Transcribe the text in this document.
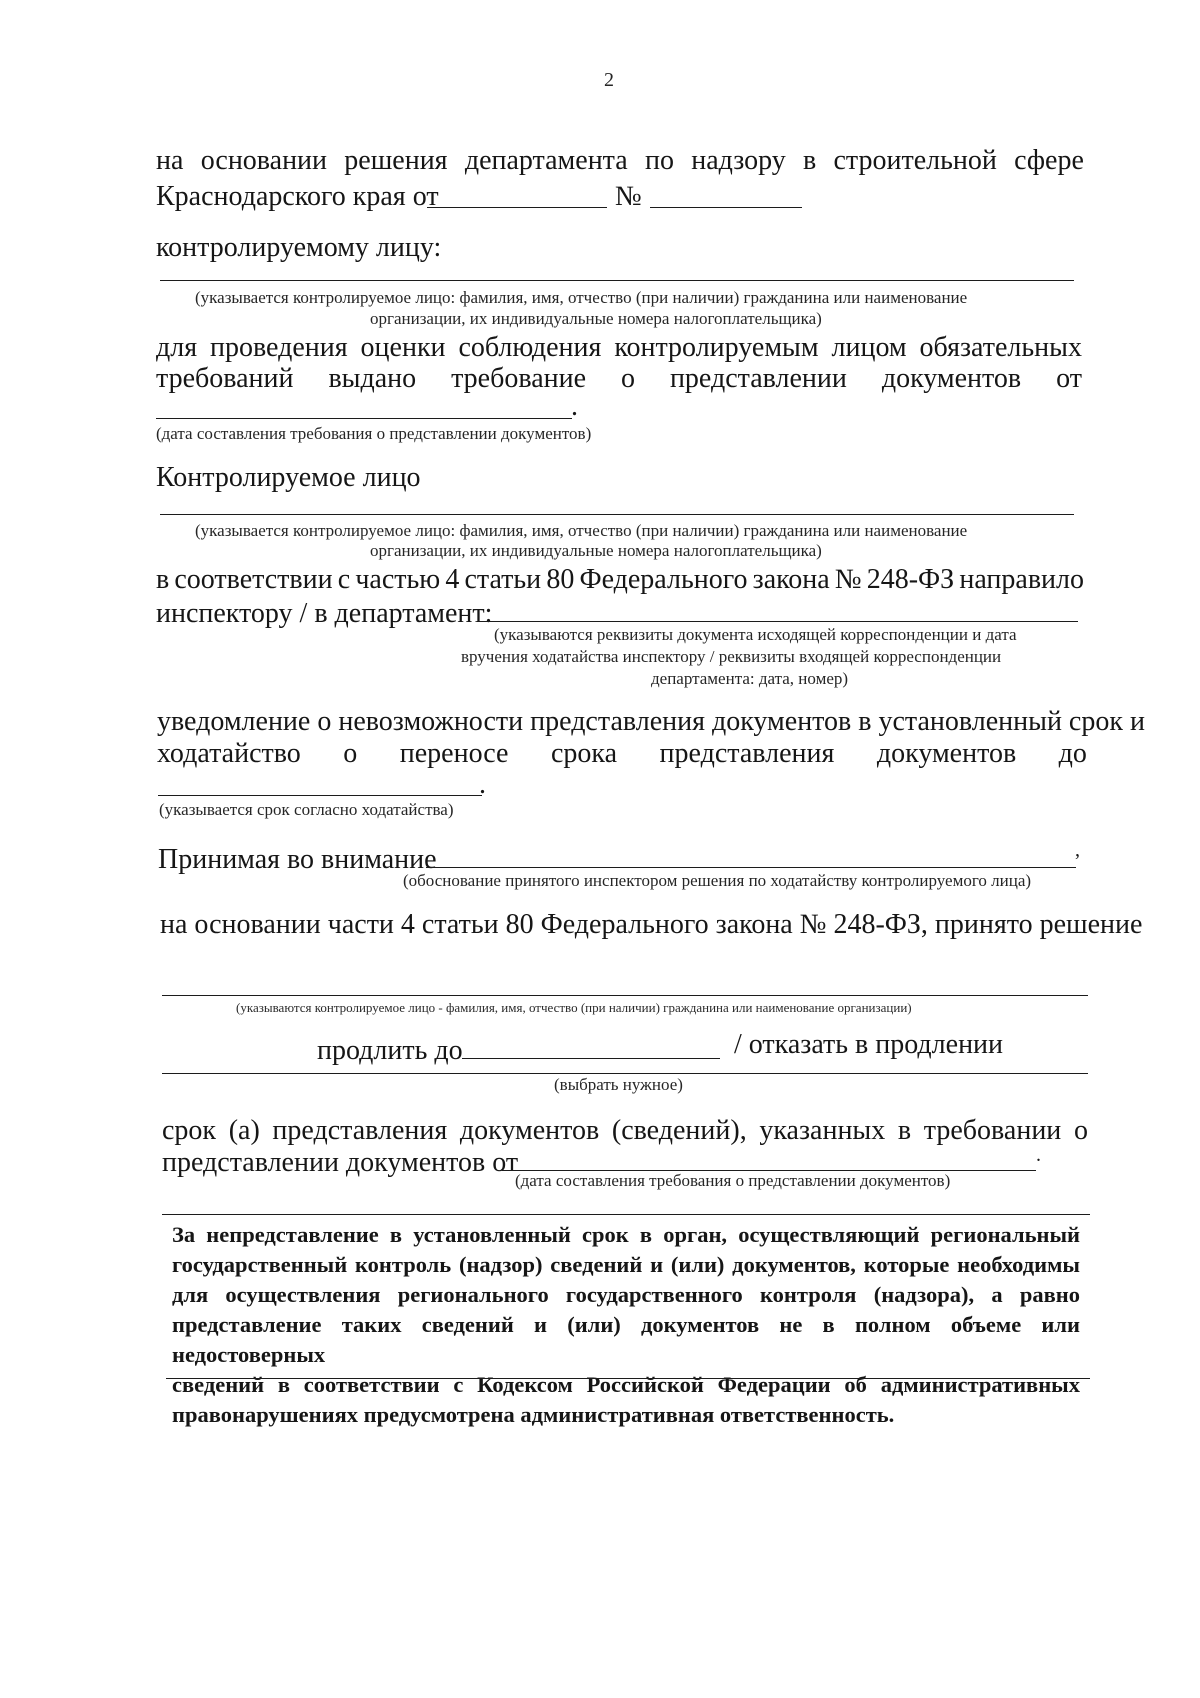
2
на основании решения департамента по надзору в строительной сфере
Краснодарского края от	№
контролируемому лицу:
(указывается контролируемое лицо: фамилия, имя, отчество (при наличии) гражданина или наименование
организации, их индивидуальные номера налогоплательщика)
для проведения оценки соблюдения контролируемым лицом обязательных
требований выдано требование о представлении документов от
.
(дата составления требования о представлении документов)
Контролируемое лицо
(указывается контролируемое лицо: фамилия, имя, отчество (при наличии) гражданина или наименование
организации, их индивидуальные номера налогоплательщика)
в соответствии с частью 4 статьи 80 Федерального закона № 248-ФЗ направило
инспектору / в департамент:
(указываются реквизиты документа исходящей корреспонденции и дата
вручения ходатайства инспектору / реквизиты входящей корреспонденции
департамента: дата, номер)
уведомление о невозможности представления документов в установленный срок и
ходатайство о переносе срока представления документов до
.
(указывается срок согласно ходатайства)
Принимая во внимание	,
(обоснование принятого инспектором решения по ходатайству контролируемого лица)
на основании части 4 статьи 80 Федерального закона № 248-ФЗ, принято решение
(указываются контролируемое лицо - фамилия, имя, отчество (при наличии) гражданина или наименование организации)
продлить до	/ отказать в продлении
(выбрать нужное)
срок (а) представления документов (сведений), указанных в требовании о
представлении документов от	.
(дата составления требования о представлении документов)
За непредставление в установленный срок в орган, осуществляющий региональный
государственный контроль (надзор) сведений и (или) документов, которые необходимы
для осуществления регионального государственного контроля (надзора), а равно
представление таких сведений и (или) документов не в полном объеме или недостоверных
сведений в соответствии с Кодексом Российской Федерации об административных
правонарушениях предусмотрена административная ответственность.
